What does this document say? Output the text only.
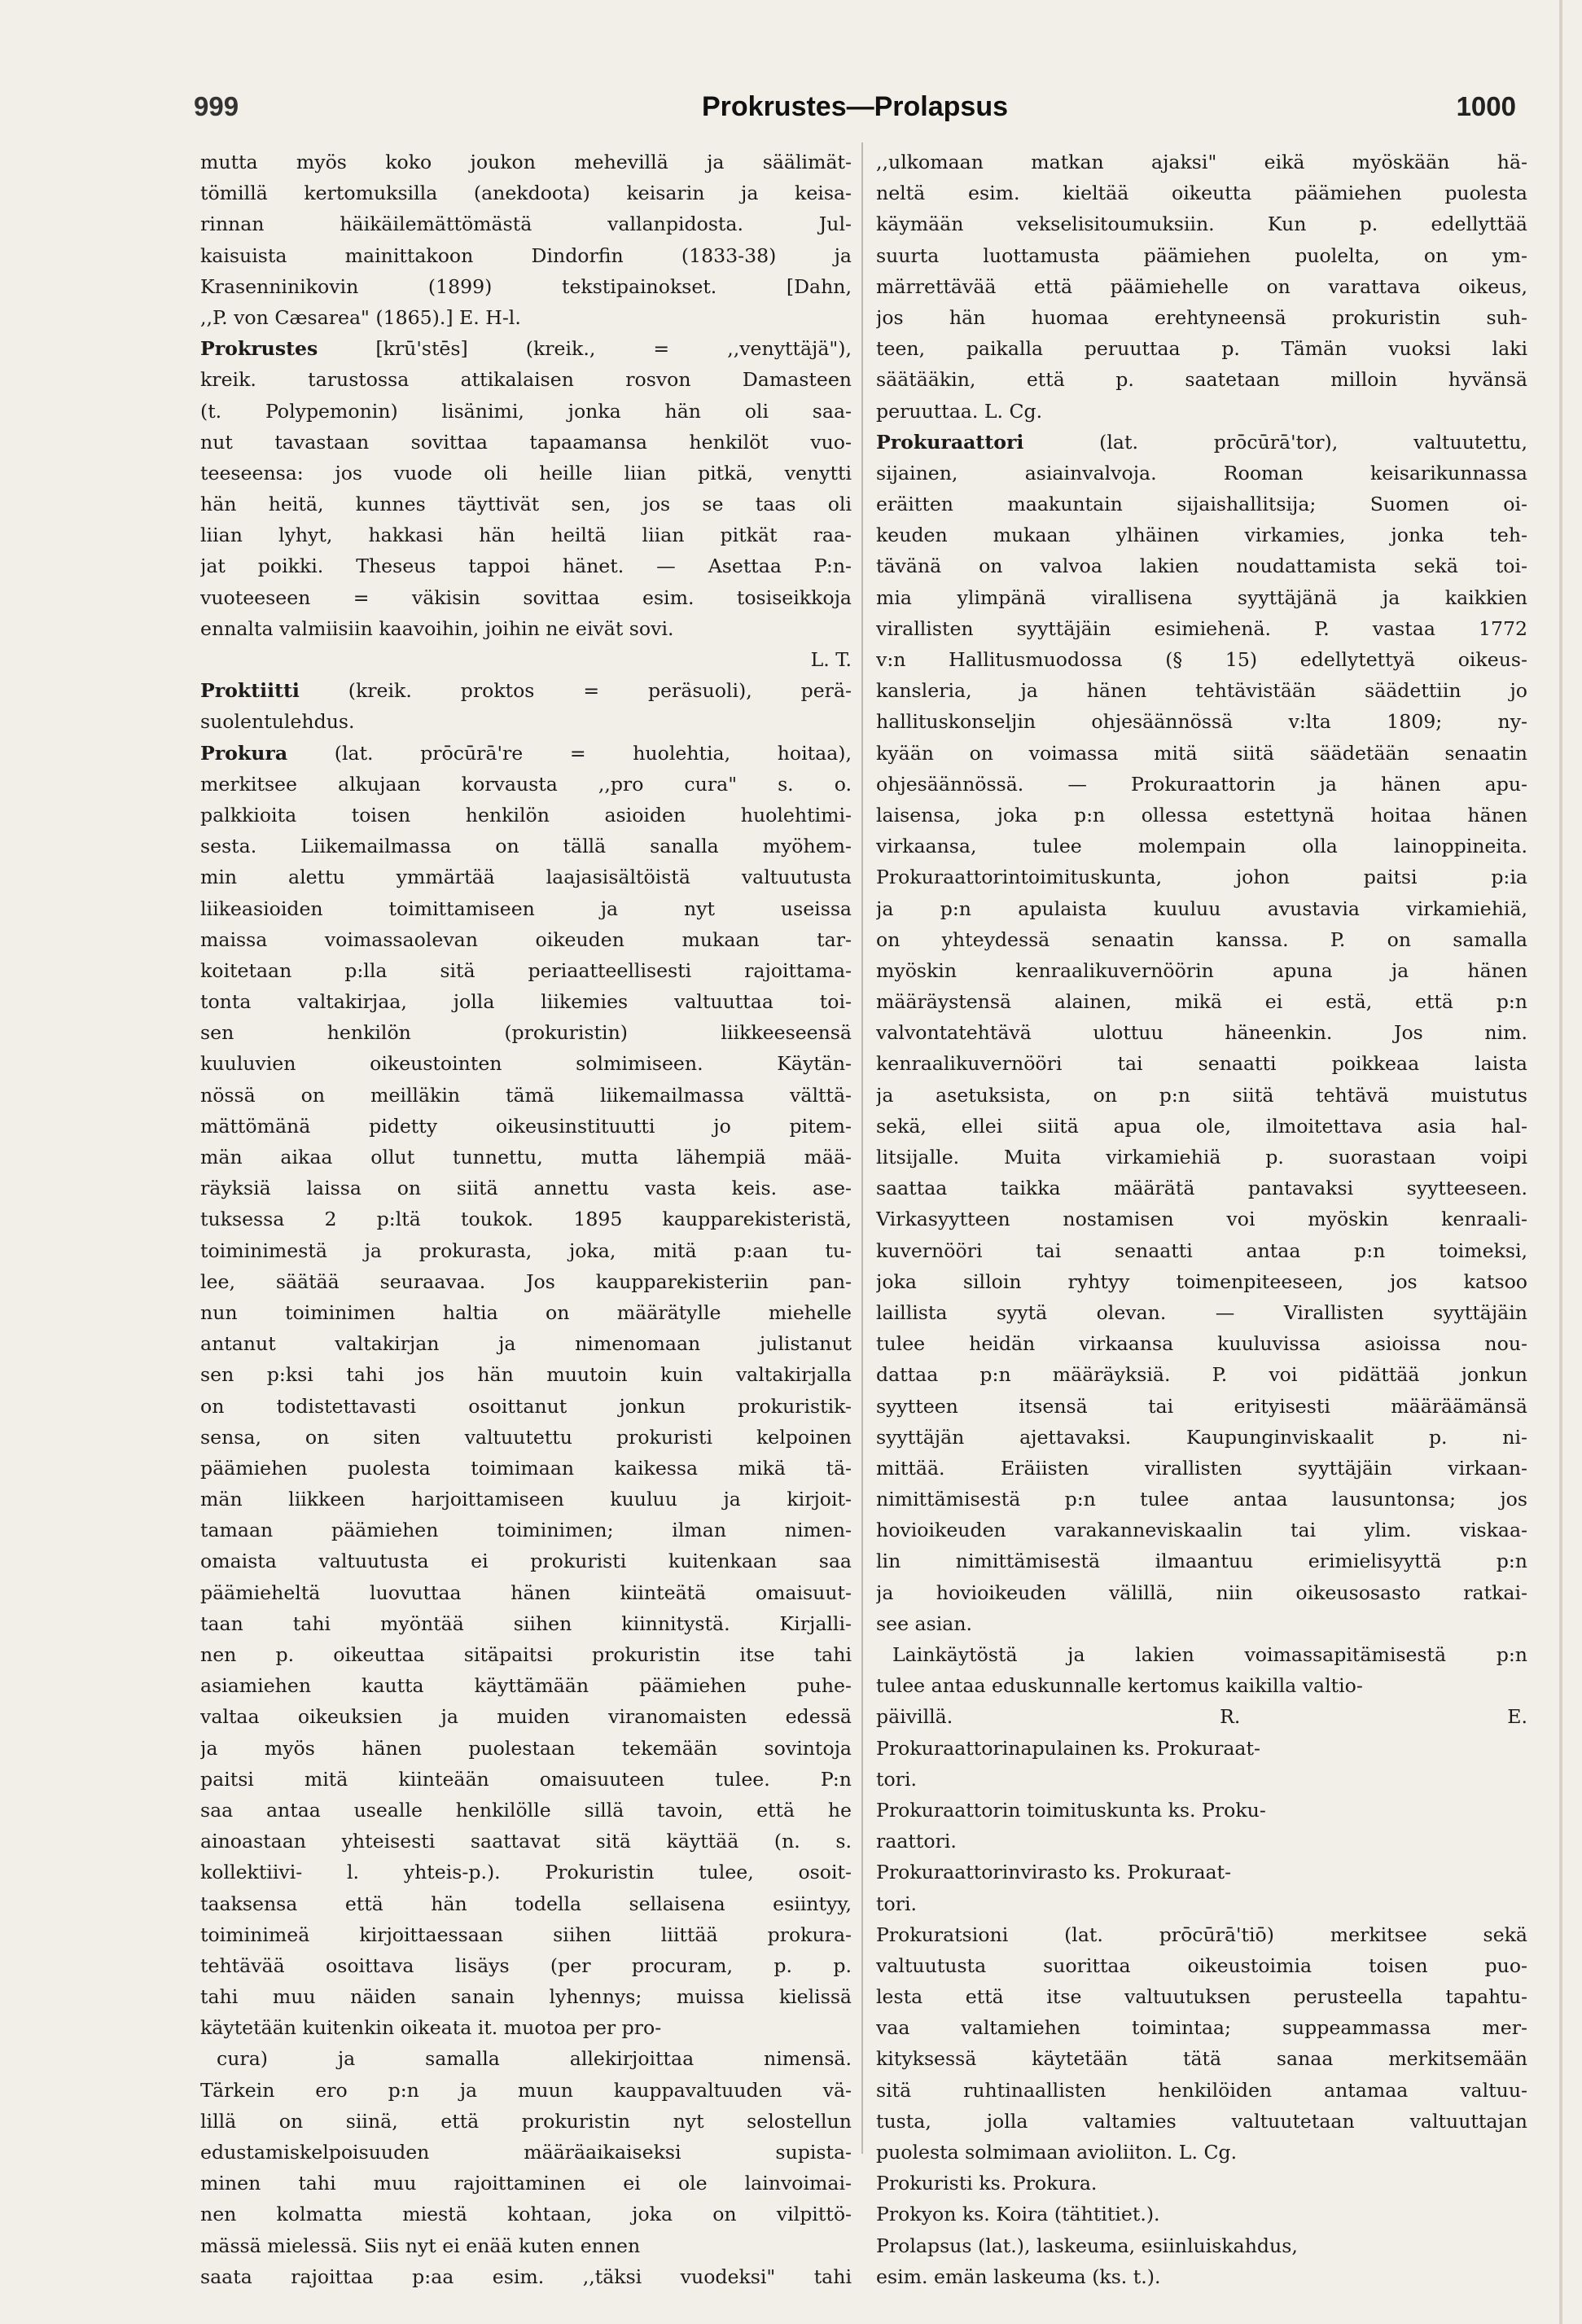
999	Prokrustes—Prolapsus	1000
mutta myös koko joukon mehevillä ja säälimät-
tömillä kertomuksilla (anekdoota) keisarin ja keisa-
rinnan häikäilemättömästä vallanpidosta. Jul-
kaisuista mainittakoon Dindorfin (1833-38) ja
Krasenninikovin (1899) tekstipainokset. [Dahn,
,,P. von Cæsarea" (1865).] E. H-l.
Prokrustes [krū'stēs] (kreik., = ,,venyttäjä"),
kreik. tarustossa attikalaisen rosvon Damasteen
(t. Polypemonin) lisänimi, jonka hän oli saa-
nut tavastaan sovittaa tapaamansa henkilöt vuo-
teeseensa: jos vuode oli heille liian pitkä, venytti
hän heitä, kunnes täyttivät sen, jos se taas oli
liian lyhyt, hakkasi hän heiltä liian pitkät raa-
jat poikki. Theseus tappoi hänet. — Asettaa P:n-
vuoteeseen = väkisin sovittaa esim. tosiseikkoja
ennalta valmiisiin kaavoihin, joihin ne eivät sovi.
L. T.
Proktiitti (kreik. proktos = peräsuoli), perä-
suolentulehdus.
Prokura (lat. prōcūrā're = huolehtia, hoitaa),
merkitsee alkujaan korvausta ,,pro cura" s. o.
palkkioita toisen henkilön asioiden huolehtimi-
sesta. Liikemailmassa on tällä sanalla myöhem-
min alettu ymmärtää laajasisältöistä valtuutusta
liikeasioiden toimittamiseen ja nyt useissa
maissa voimassaolevan oikeuden mukaan tar-
koitetaan p:lla sitä periaatteellisesti rajoittama-
tonta valtakirjaa, jolla liikemies valtuuttaa toi-
sen henkilön (prokuristin) liikkeeseensä
kuuluvien oikeustointen solmimiseen. Käytän-
nössä on meilläkin tämä liikemailmassa välttä-
mättömänä pidetty oikeusinstituutti jo pitem-
män aikaa ollut tunnettu, mutta lähempiä mää-
räyksiä laissa on siitä annettu vasta keis. ase-
tuksessa 2 p:ltä toukok. 1895 kaupparekisteristä,
toiminimestä ja prokurasta, joka, mitä p:aan tu-
lee, säätää seuraavaa. Jos kaupparekisteriin pan-
nun toiminimen haltia on määrätylle miehelle
antanut valtakirjan ja nimenomaan julistanut
sen p:ksi tahi jos hän muutoin kuin valtakirjalla
on todistettavasti osoittanut jonkun prokuristik-
sensa, on siten valtuutettu prokuristi kelpoinen
päämiehen puolesta toimimaan kaikessa mikä tä-
män liikkeen harjoittamiseen kuuluu ja kirjoit-
tamaan päämiehen toiminimen; ilman nimen-
omaista valtuutusta ei prokuristi kuitenkaan saa
päämieheltä luovuttaa hänen kiinteätä omaisuut-
taan tahi myöntää siihen kiinnitystä. Kirjalli-
nen p. oikeuttaa sitäpaitsi prokuristin itse tahi
asiamiehen kautta käyttämään päämiehen puhe-
valtaa oikeuksien ja muiden viranomaisten edessä
ja myös hänen puolestaan tekemään sovintoja
paitsi mitä kiinteään omaisuuteen tulee. P:n
saa antaa usealle henkilölle sillä tavoin, että he
ainoastaan yhteisesti saattavat sitä käyttää (n. s.
kollektiivi- l. yhteis-p.). Prokuristin tulee, osoit-
taaksensa että hän todella sellaisena esiintyy,
toiminimeä kirjoittaessaan siihen liittää prokura-
tehtävää osoittava lisäys (per procuram, p. p.
tahi muu näiden sanain lyhennys; muissa kielissä
käytetään kuitenkin oikeata it. muotoa per pro-
cura) ja samalla allekirjoittaa nimensä.
Tärkein ero p:n ja muun kauppavaltuuden vä-
lillä on siinä, että prokuristin nyt selostellun
edustamiskelpoisuuden määräaikaiseksi supista-
minen tahi muu rajoittaminen ei ole lainvoimai-
nen kolmatta miestä kohtaan, joka on vilpittö-
mässä mielessä. Siis nyt ei enää kuten ennen
saata rajoittaa p:aa esim. ,,täksi vuodeksi" tahi
,,ulkomaan matkan ajaksi" eikä myöskään hä-
neltä esim. kieltää oikeutta päämiehen puolesta
käymään vekselisitoumuksiin. Kun p. edellyttää
suurta luottamusta päämiehen puolelta, on ym-
märrettävää että päämiehelle on varattava oikeus,
jos hän huomaa erehtyneensä prokuristin suh-
teen, paikalla peruuttaa p. Tämän vuoksi laki
säätääkin, että p. saatetaan milloin hyvänsä
peruuttaa. L. Cg.
Prokuraattori (lat. prōcūrā'tor), valtuutettu,
sijainen, asiainvalvoja. Rooman keisarikunnassa
eräitten maakuntain sijaishallitsija; Suomen oi-
keuden mukaan ylhäinen virkamies, jonka teh-
tävänä on valvoa lakien noudattamista sekä toi-
mia ylimpänä virallisena syyttäjänä ja kaikkien
virallisten syyttäjäin esimiehenä. P. vastaa 1772
v:n Hallitusmuodossa (§ 15) edellytettyä oikeus-
kansleria, ja hänen tehtävistään säädettiin jo
hallituskonseljin ohjesäännössä v:lta 1809; ny-
kyään on voimassa mitä siitä säädetään senaatin
ohjesäännössä. — Prokuraattorin ja hänen apu-
laisensa, joka p:n ollessa estettynä hoitaa hänen
virkaansa, tulee molempain olla lainoppineita.
Prokuraattorintoimituskunta, johon paitsi p:ia
ja p:n apulaista kuuluu avustavia virkamiehiä,
on yhteydessä senaatin kanssa. P. on samalla
myöskin kenraalikuvernöörin apuna ja hänen
määräystensä alainen, mikä ei estä, että p:n
valvontatehtävä ulottuu häneenkin. Jos nim.
kenraalikuvernööri tai senaatti poikkeaa laista
ja asetuksista, on p:n siitä tehtävä muistutus
sekä, ellei siitä apua ole, ilmoitettava asia hal-
litsijalle. Muita virkamiehiä p. suorastaan voipi
saattaa taikka määrätä pantavaksi syytteeseen.
Virkasyytteen nostamisen voi myöskin kenraali-
kuvernööri tai senaatti antaa p:n toimeksi,
joka silloin ryhtyy toimenpiteeseen, jos katsoo
laillista syytä olevan. — Virallisten syyttäjäin
tulee heidän virkaansa kuuluvissa asioissa nou-
dattaa p:n määräyksiä. P. voi pidättää jonkun
syytteen itsensä tai erityisesti määräämänsä
syyttäjän ajettavaksi. Kaupunginviskaalit p. ni-
mittää. Eräiisten virallisten syyttäjäin virkaan-
nimittämisestä p:n tulee antaa lausuntonsa; jos
hovioikeuden varakanneviskaalin tai ylim. viskaa-
lin nimittämisestä ilmaantuu erimielisyyttä p:n
ja hovioikeuden välillä, niin oikeusosasto ratkai-
see asian.
Lainkäytöstä ja lakien voimassapitämisestä p:n
tulee antaa eduskunnalle kertomus kaikilla valtio-
päivillä. R. E.
Prokuraattorinapulainen ks. Prokuraat-
tori.
Prokuraattorin toimituskunta ks. Proku-
raattori.
Prokuraattorinvirasto ks. Prokuraat-
tori.
Prokuratsioni (lat. prōcūrā'tiō) merkitsee sekä
valtuutusta suorittaa oikeustoimia toisen puo-
lesta että itse valtuutuksen perusteella tapahtu-
vaa valtamiehen toimintaa; suppeammassa mer-
kityksessä käytetään tätä sanaa merkitsemään
sitä ruhtinaallisten henkilöiden antamaa valtuu-
tusta, jolla valtamies valtuutetaan valtuuttajan
puolesta solmimaan avioliiton. L. Cg.
Prokuristi ks. Prokura.
Prokyon ks. Koira (tähtitiet.).
Prolapsus (lat.), laskeuma, esiinluiskahdus,
esim. emän laskeuma (ks. t.).
